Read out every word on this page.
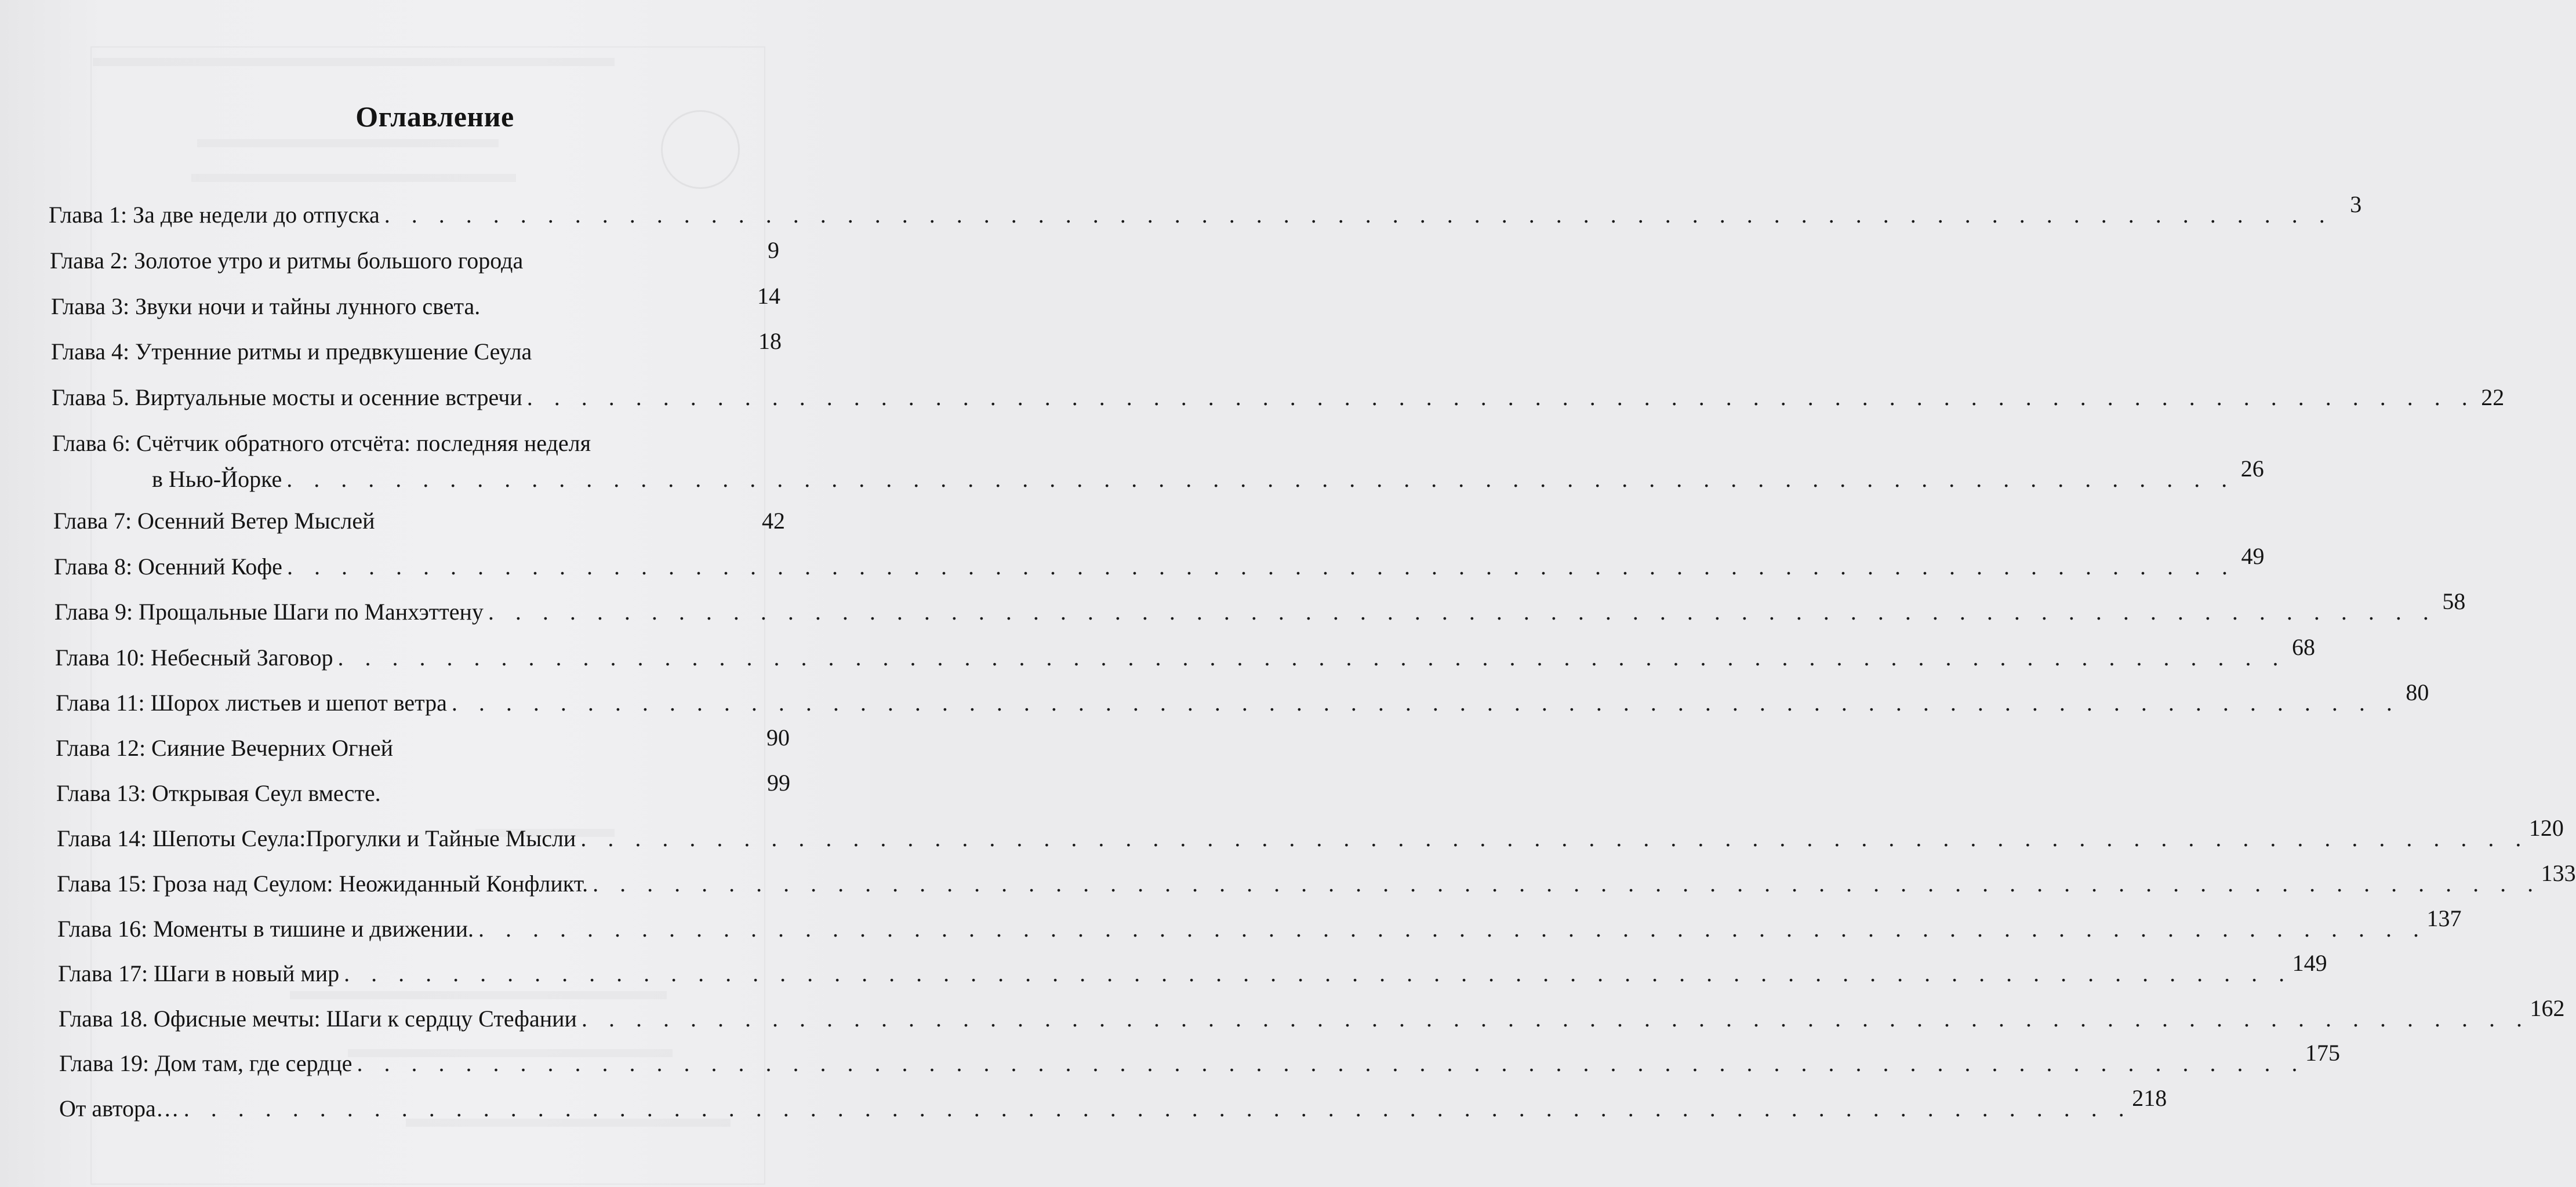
Оглавление
Глава 1: За две недели до отпуска . . . . . . . . . . . . . . . . . . . . . . . . . . . . . . . . . . . . . . . . . . . . . . . . . . . . . . . . . . . . . . . . . . . . . . . . 3
Глава 2: Золотое утро и ритмы большого города	9
Глава 3: Звуки ночи и тайны лунного света.	14
Глава 4: Утренние ритмы и предвкушение Сеула	18
Глава 5. Виртуальные мосты и осенние встречи . . . . . . . . . . . . . . . . . . . . . . . . . . . . . . . . . . . . . . . . . . . . . . . . . . . . . . . . . . . . . . . . . . . . . . . . 22
Глава 6: Счётчик обратного отсчёта: последняя неделя
в Нью-Йорке . . . . . . . . . . . . . . . . . . . . . . . . . . . . . . . . . . . . . . . . . . . . . . . . . . . . . . . . . . . . . . . . . . . . . . . . 26
Глава 7: Осенний Ветер Мыслей	42
Глава 8: Осенний Кофе . . . . . . . . . . . . . . . . . . . . . . . . . . . . . . . . . . . . . . . . . . . . . . . . . . . . . . . . . . . . . . . . . . . . . . . . 49
Глава 9: Прощальные Шаги по Манхэттену . . . . . . . . . . . . . . . . . . . . . . . . . . . . . . . . . . . . . . . . . . . . . . . . . . . . . . . . . . . . . . . . . . . . . . . . 58
Глава 10: Небесный Заговор . . . . . . . . . . . . . . . . . . . . . . . . . . . . . . . . . . . . . . . . . . . . . . . . . . . . . . . . . . . . . . . . . . . . . . . . 68
Глава 11: Шорох листьев и шепот ветра . . . . . . . . . . . . . . . . . . . . . . . . . . . . . . . . . . . . . . . . . . . . . . . . . . . . . . . . . . . . . . . . . . . . . . . . 80
Глава 12: Сияние Вечерних Огней	90
Глава 13: Открывая Сеул вместе.	99
Глава 14: Шепоты Сеула:Прогулки и Тайные Мысли . . . . . . . . . . . . . . . . . . . . . . . . . . . . . . . . . . . . . . . . . . . . . . . . . . . . . . . . . . . . . . . . . . . . . . . . 120
Глава 15: Гроза над Сеулом: Неожиданный Конфликт. . . . . . . . . . . . . . . . . . . . . . . . . . . . . . . . . . . . . . . . . . . . . . . . . . . . . . . . . . . . . . . . . . . . . . . . . 133
Глава 16: Моменты в тишине и движении. . . . . . . . . . . . . . . . . . . . . . . . . . . . . . . . . . . . . . . . . . . . . . . . . . . . . . . . . . . . . . . . . . . . . . . . . 137
Глава 17: Шаги в новый мир . . . . . . . . . . . . . . . . . . . . . . . . . . . . . . . . . . . . . . . . . . . . . . . . . . . . . . . . . . . . . . . . . . . . . . . . 149
Глава 18. Офисные мечты: Шаги к сердцу Стефании . . . . . . . . . . . . . . . . . . . . . . . . . . . . . . . . . . . . . . . . . . . . . . . . . . . . . . . . . . . . . . . . . . . . . . . . 162
Глава 19: Дом там, где сердце . . . . . . . . . . . . . . . . . . . . . . . . . . . . . . . . . . . . . . . . . . . . . . . . . . . . . . . . . . . . . . . . . . . . . . . . 175
От автора… . . . . . . . . . . . . . . . . . . . . . . . . . . . . . . . . . . . . . . . . . . . . . . . . . . . . . . . . . . . . . . . . . . . . . . . . 218
